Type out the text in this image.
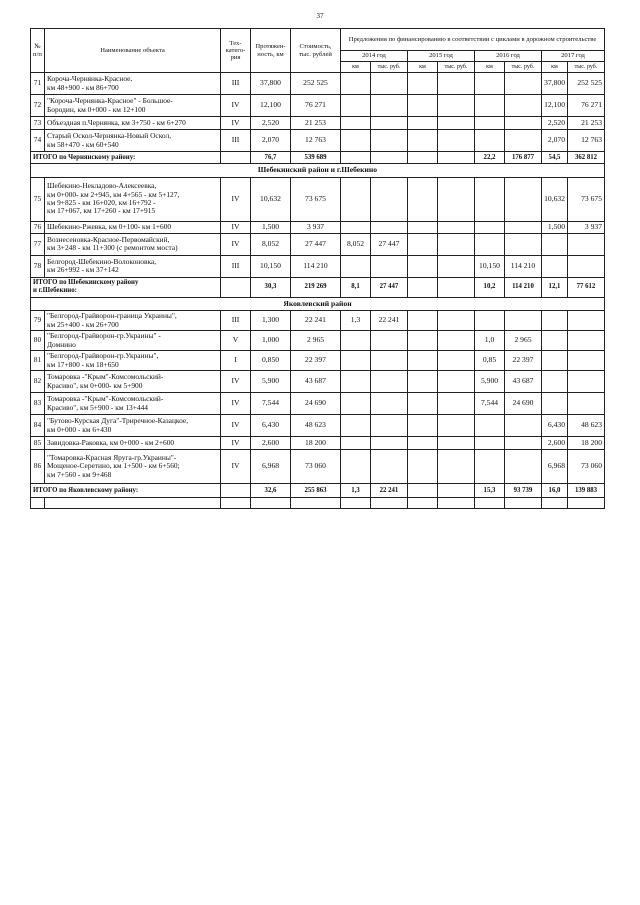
37
№
п/п	Наименование объекта	Тех-
катего-
рия	Протяжен-
ность, км	Стоимость,
тыс. рублей	Предложения по финансированию в соответствии с циклами в дорожном строительстве							
					2014 год		2015 год		2016 год		2017 год	
					км	тыс. руб.	км	тыс. руб.	км	тыс. руб.	км	тыс. руб.
71	Короча-Чернянка-Красное,
км 48+900 - км 86+700	III	37,800	252 525							37,800	252 525
72	"Короча-Чернянка-Красное" - Большое-
Бородин, км 0+000 - км 12+100	IV	12,100	76 271							12,100	76 271
73	Объездная п.Чернянка, км 3+750 - км 6+270	IV	2,520	21 253							2,520	21 253
74	Старый Оскол-Чернянка-Новый Оскол,
км 58+470 - км 60+540	III	2,070	12 763							2,070	12 763
ИТОГО по Чернянскому району:			76,7	539 689					22,2	176 877	54,5	362 812
Шебекинский район и г.Шебекино												
75	Шебекино-Некладово-Алексеевка,
км 0+000- км 2+945, км 4+565 - км 5+127,
км 9+825 - км 16+020, км 16+792 -
км 17+067, км 17+260 - км 17+915	IV	10,632	73 675							10,632	73 675
76	Шебекино-Ржевка, км 0+100- км 1+600	IV	1,500	3 937							1,500	3 937
77	Вознесеновка-Красное-Первомайский,
км 3+248 - км 11+300 (с ремонтом моста)	IV	8,052	27 447	8,052	27 447						
78	Белгород-Шебекино-Волоконовка,
км 26+992 - км 37+142	III	10,150	114 210					10,150	114 210		
ИТОГО по Шебекинскому району
и г.Шебекино:			30,3	219 269	8,1	27 447			10,2	114 210	12,1	77 612
Яковлевский район												
79	"Белгород-Грайворон-граница Украины",
км 25+400 - км 26+700	III	1,300	22 241	1,3	22 241						
80	"Белгород-Грайворон-гр.Украины" -
Домнино	V	1,000	2 965					1,0	2 965		
81	"Белгород-Грайворон-гр.Украины",
км 17+800 - км 18+650	I	0,850	22 397					0,85	22 397		
82	Томаровка -"Крым"-Комсомольский-
Красиво", км 0+000- км 5+900	IV	5,900	43 687					5,900	43 687		
83	Томаровка -"Крым"-Комсомольский-
Красиво", км 5+900 - км 13+444	IV	7,544	24 690					7,544	24 690		
84	"Бутово-Курская Дуга"-Триречное-Казацкое,
км 0+000 - км 6+430	IV	6,430	48 623							6,430	48 623
85	Завидовка-Раковка, км 0+000 - км 2+600	IV	2,600	18 200							2,600	18 200
86	"Томаровка-Красная Яруга-гр.Украины"-
Мощеное-Серетино, км 1+500 - км 6+560;
км 7+560 - км 9+468	IV	6,968	73 060							6,968	73 060
ИТОГО по Яковлевскому району:			32,6	255 863	1,3	22 241			15,3	93 739	16,0	139 883
